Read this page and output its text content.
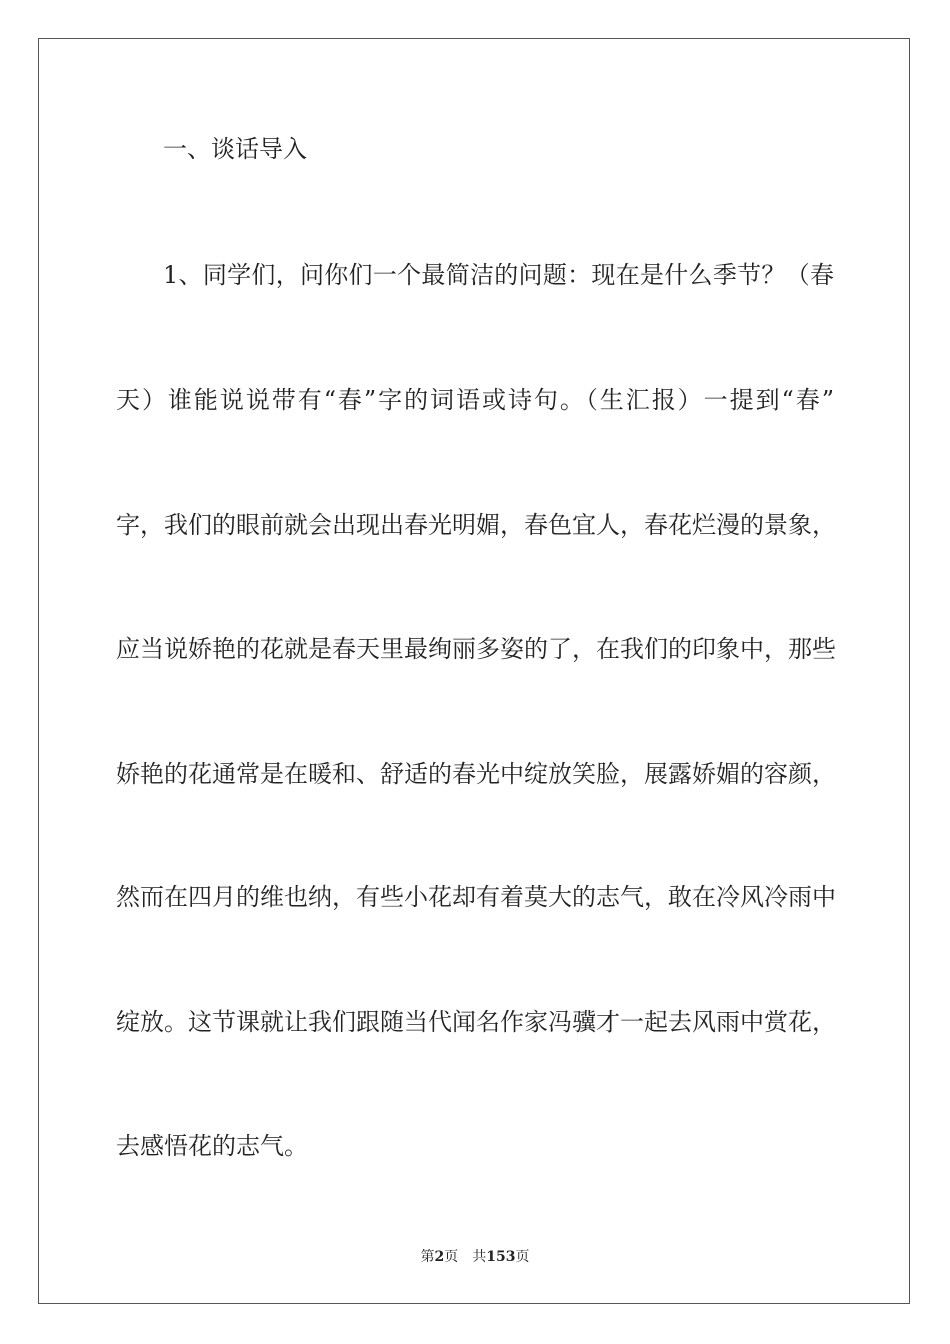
一、谈话导入
1、同学们，问你们一个最简洁的问题：现在是什么季节？（春
天）谁能说说带有“春”字的词语或诗句。（生汇报）一提到“春”
字，我们的眼前就会出现出春光明媚，春色宜人，春花烂漫的景象，
应当说娇艳的花就是春天里最绚丽多姿的了，在我们的印象中，那些
娇艳的花通常是在暖和、舒适的春光中绽放笑脸，展露娇媚的容颜，
然而在四月的维也纳，有些小花却有着莫大的志气，敢在冷风冷雨中
绽放。这节课就让我们跟随当代闻名作家冯骥才一起去风雨中赏花，
去感悟花的志气。
第2页 共153页
